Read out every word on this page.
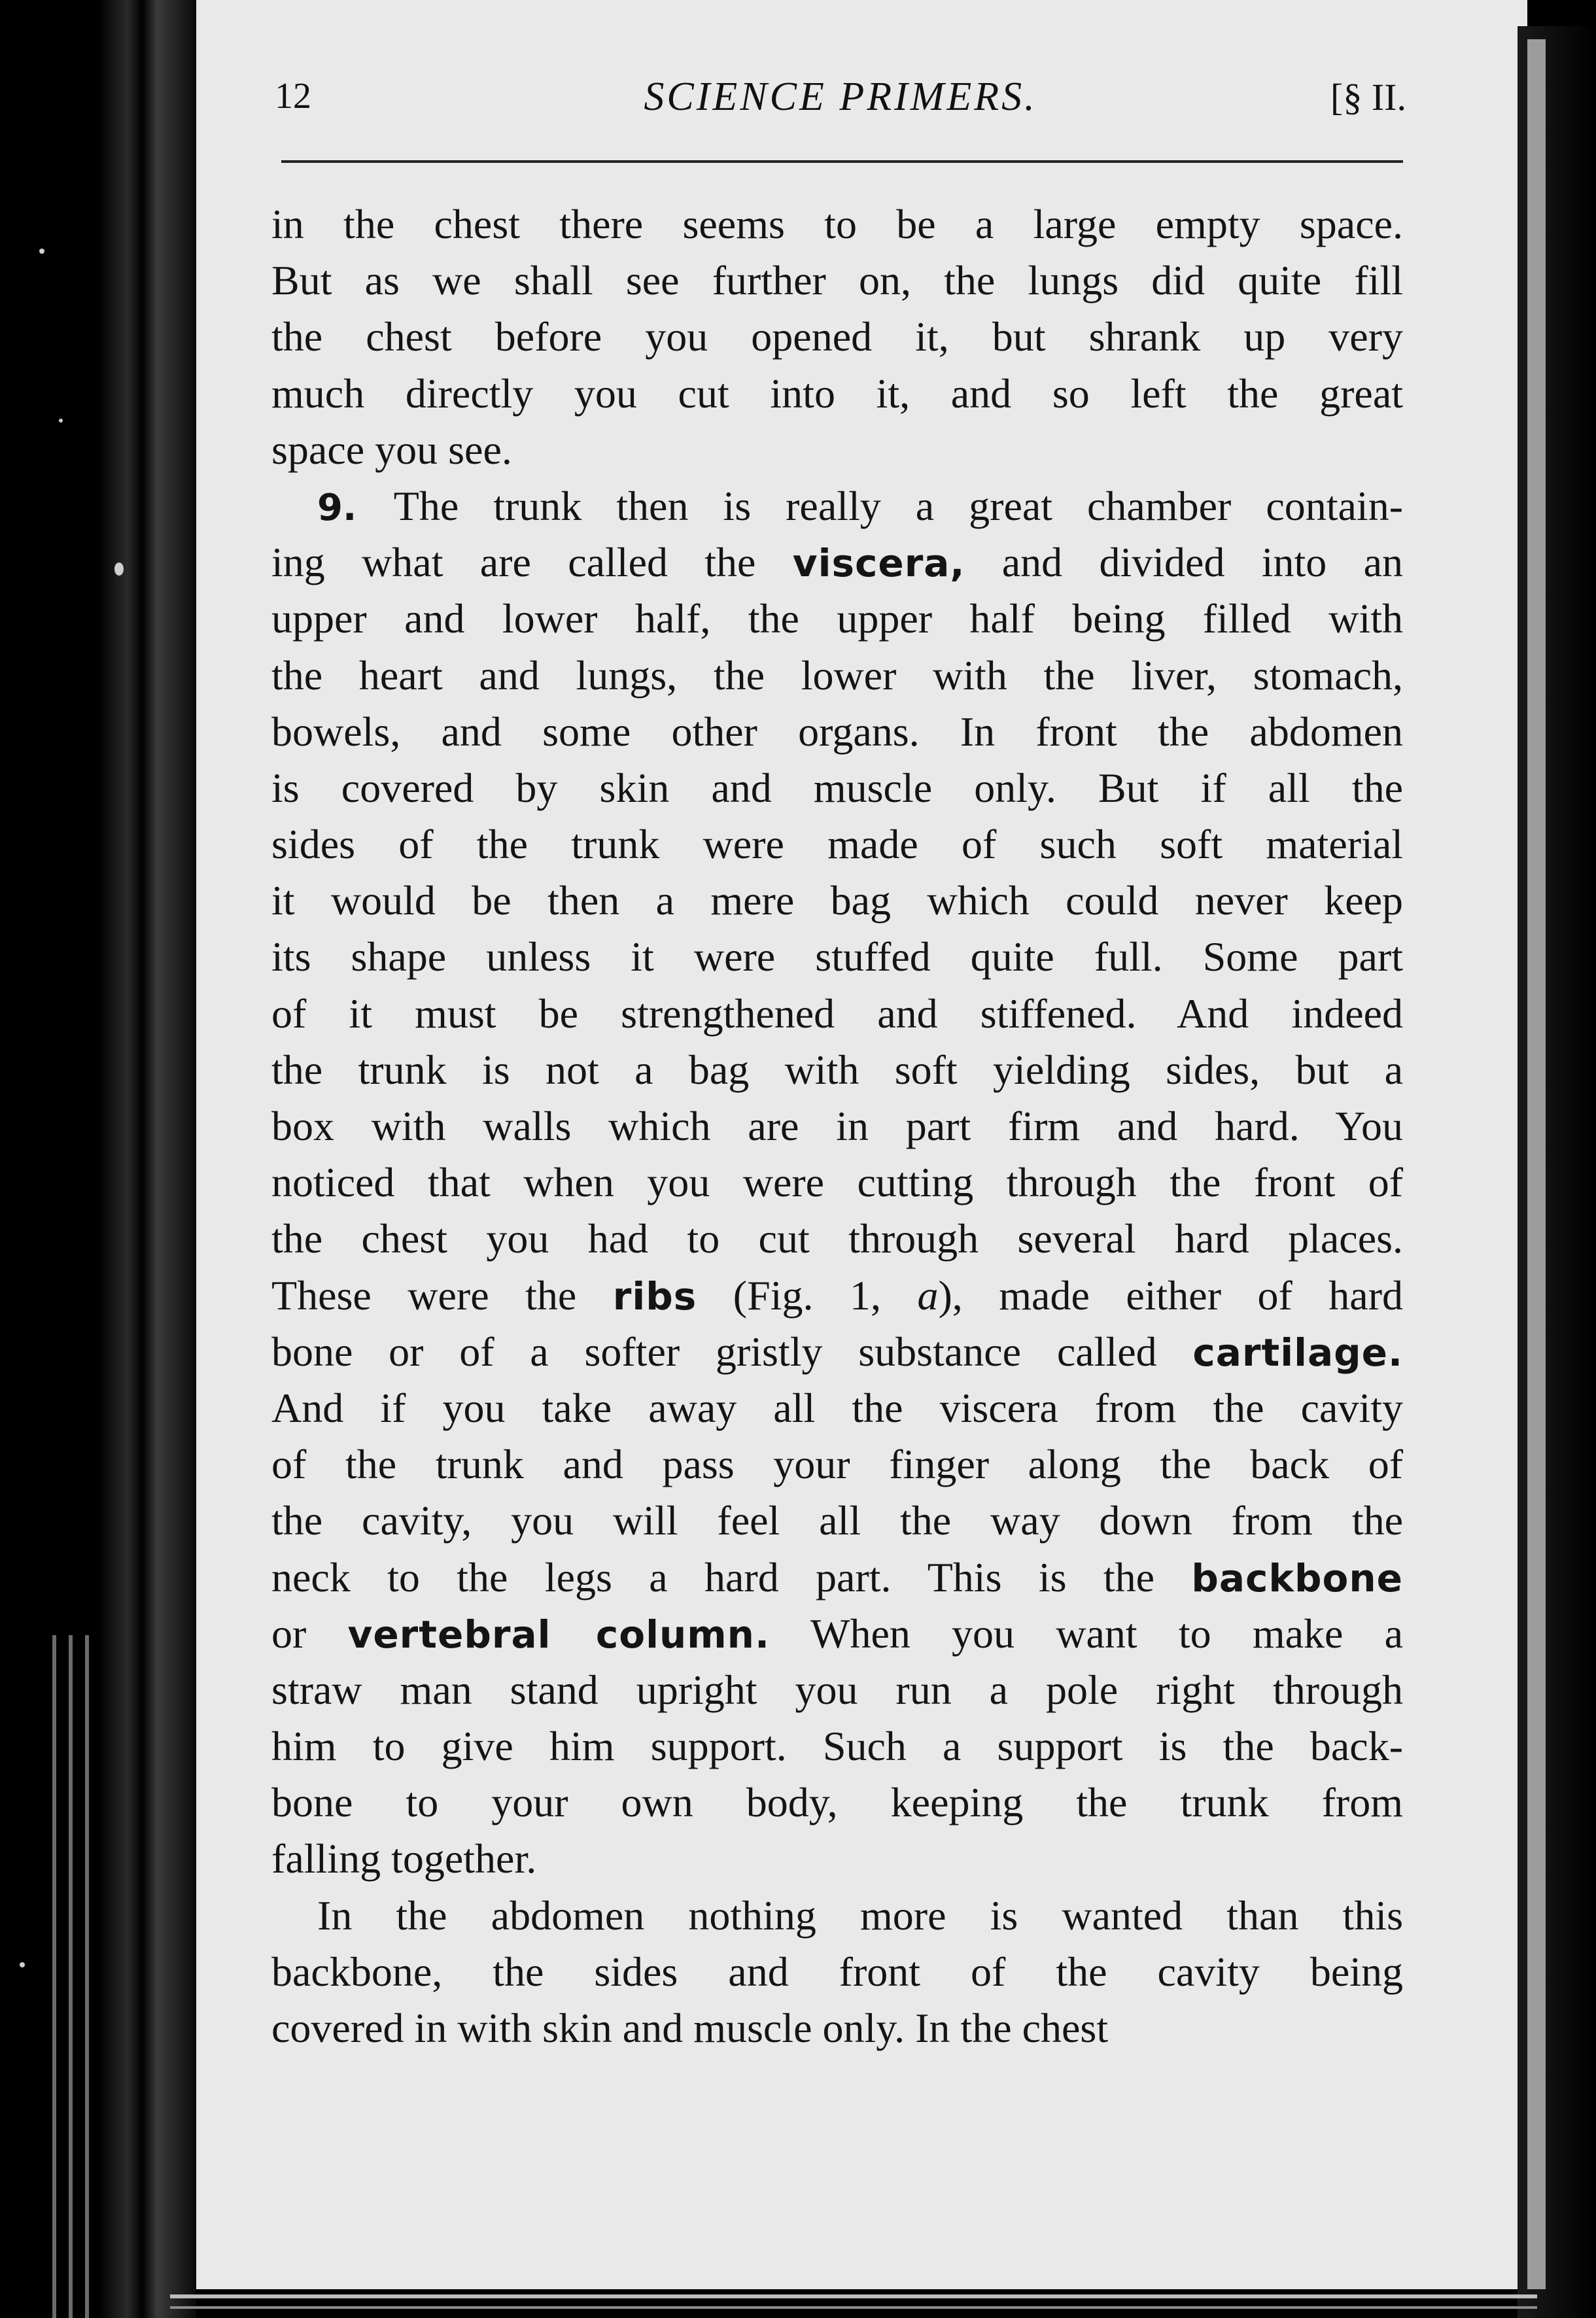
12	SCIENCE PRIMERS.	[§ II.
in the chest there seems to be a large empty space.
But as we shall see further on, the lungs did quite fill
the chest before you opened it, but shrank up very
much directly you cut into it, and so left the great
space you see.
9. The trunk then is really a great chamber contain-
ing what are called the viscera, and divided into an
upper and lower half, the upper half being filled with
the heart and lungs, the lower with the liver, stomach,
bowels, and some other organs. In front the abdomen
is covered by skin and muscle only. But if all the
sides of the trunk were made of such soft material
it would be then a mere bag which could never keep
its shape unless it were stuffed quite full. Some part
of it must be strengthened and stiffened. And indeed
the trunk is not a bag with soft yielding sides, but a
box with walls which are in part firm and hard. You
noticed that when you were cutting through the front of
the chest you had to cut through several hard places.
These were the ribs (Fig. 1, a), made either of hard
bone or of a softer gristly substance called cartilage.
And if you take away all the viscera from the cavity
of the trunk and pass your finger along the back of
the cavity, you will feel all the way down from the
neck to the legs a hard part. This is the backbone
or vertebral column. When you want to make a
straw man stand upright you run a pole right through
him to give him support. Such a support is the back-
bone to your own body, keeping the trunk from
falling together.
In the abdomen nothing more is wanted than this
backbone, the sides and front of the cavity being
covered in with skin and muscle only. In the chest
